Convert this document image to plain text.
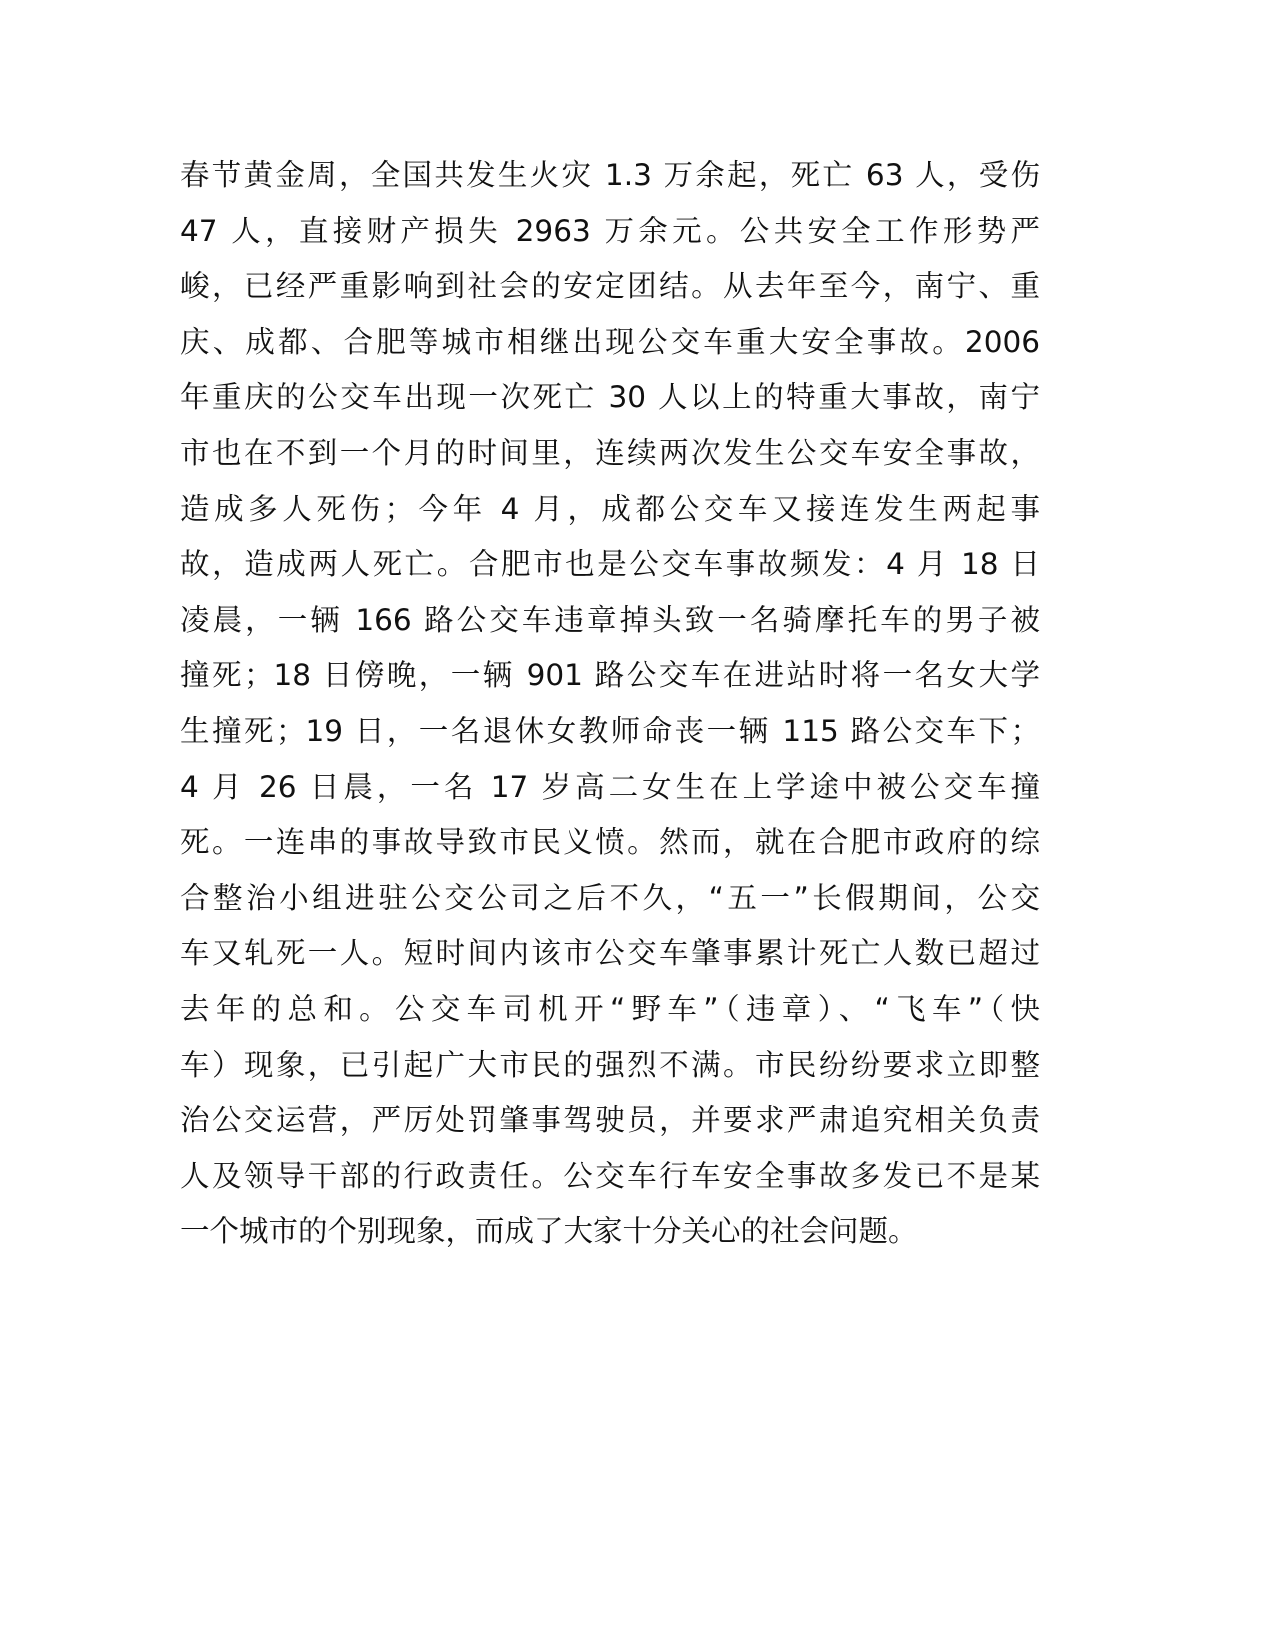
春节黄金周，全国共发生火灾 1.3 万余起，死亡 63 人，受伤
47 人，直接财产损失 2963 万余元。公共安全工作形势严
峻，已经严重影响到社会的安定团结。从去年至今，南宁、重
庆、成都、合肥等城市相继出现公交车重大安全事故。2006
年重庆的公交车出现一次死亡 30 人以上的特重大事故，南宁
市也在不到一个月的时间里，连续两次发生公交车安全事故，
造成多人死伤；今年 4 月，成都公交车又接连发生两起事
故，造成两人死亡。合肥市也是公交车事故频发：4 月 18 日
凌晨，一辆 166 路公交车违章掉头致一名骑摩托车的男子被
撞死；18 日傍晚，一辆 901 路公交车在进站时将一名女大学
生撞死；19 日，一名退休女教师命丧一辆 115 路公交车下；
4 月 26 日晨，一名 17 岁高二女生在上学途中被公交车撞
死。一连串的事故导致市民义愤。然而，就在合肥市政府的综
合整治小组进驻公交公司之后不久，“五一”长假期间，公交
车又轧死一人。短时间内该市公交车肇事累计死亡人数已超过
去年的总和。公交车司机开“野车”（违章）、“飞车”（快
车）现象，已引起广大市民的强烈不满。市民纷纷要求立即整
治公交运营，严厉处罚肇事驾驶员，并要求严肃追究相关负责
人及领导干部的行政责任。公交车行车安全事故多发已不是某
一个城市的个别现象，而成了大家十分关心的社会问题。
